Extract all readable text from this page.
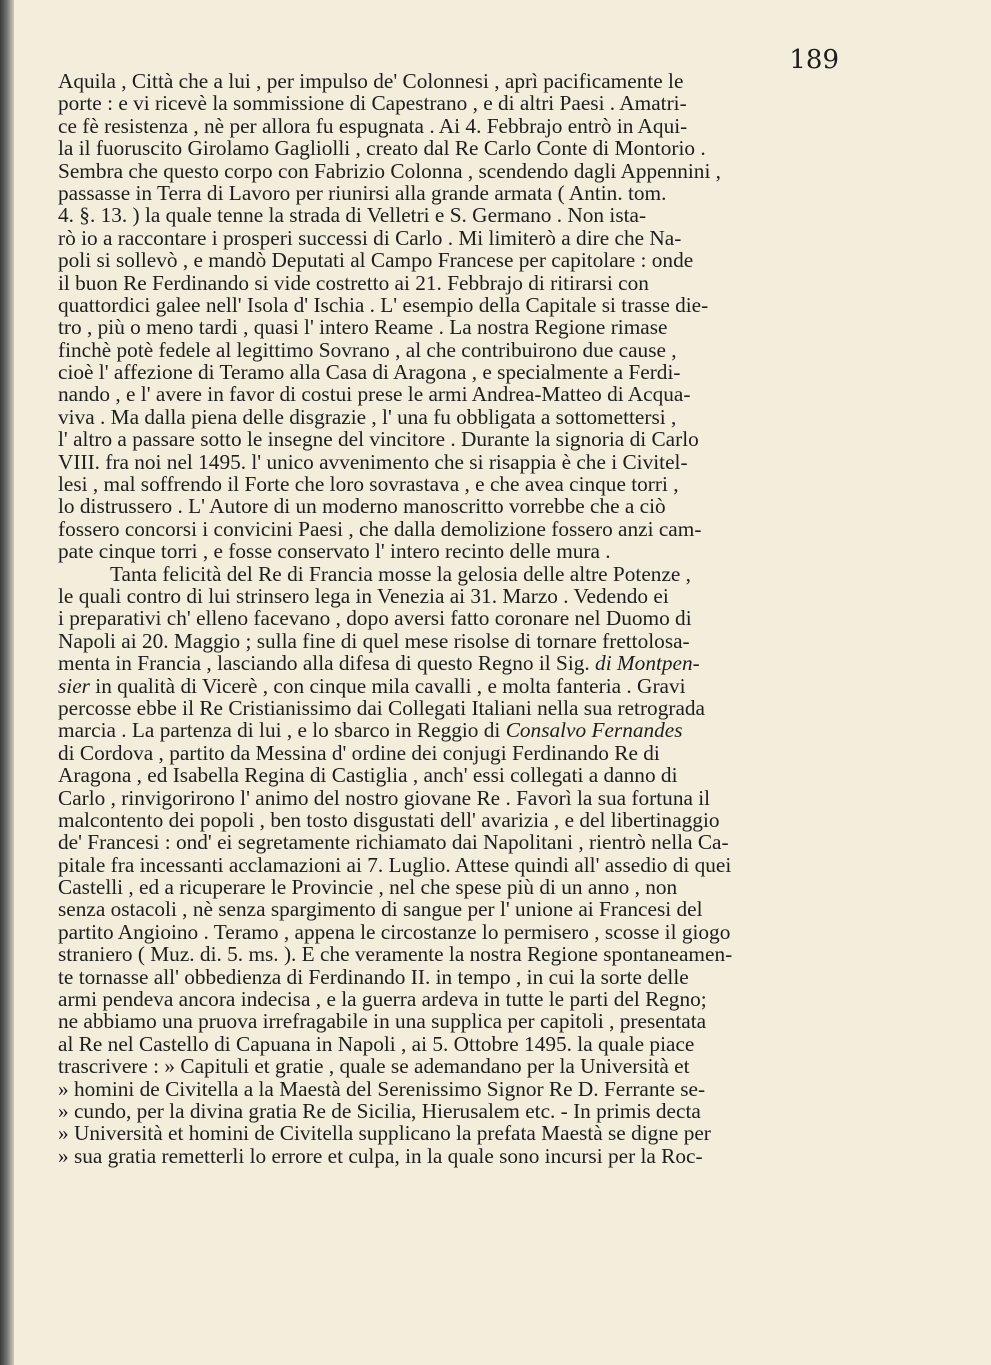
189
Aquila , Città che a lui , per impulso de' Colonnesi , aprì pacificamente le
porte : e vi ricevè la sommissione di Capestrano , e di altri Paesi . Amatri-
ce fè resistenza , nè per allora fu espugnata . Ai 4. Febbrajo entrò in Aqui-
la il fuoruscito Girolamo Gagliolli , creato dal Re Carlo Conte di Montorio .
Sembra che questo corpo con Fabrizio Colonna , scendendo dagli Appennini ,
passasse in Terra di Lavoro per riunirsi alla grande armata ( Antin. tom.
4. §. 13. ) la quale tenne la strada di Velletri e S. Germano . Non ista-
rò io a raccontare i prosperi successi di Carlo . Mi limiterò a dire che Na-
poli si sollevò , e mandò Deputati al Campo Francese per capitolare : onde
il buon Re Ferdinando si vide costretto ai 21. Febbrajo di ritirarsi con
quattordici galee nell' Isola d' Ischia . L' esempio della Capitale si trasse die-
tro , più o meno tardi , quasi l' intero Reame . La nostra Regione rimase
finchè potè fedele al legittimo Sovrano , al che contribuirono due cause ,
cioè l' affezione di Teramo alla Casa di Aragona , e specialmente a Ferdi-
nando , e l' avere in favor di costui prese le armi Andrea-Matteo di Acqua-
viva . Ma dalla piena delle disgrazie , l' una fu obbligata a sottomettersi ,
l' altro a passare sotto le insegne del vincitore . Durante la signoria di Carlo
VIII. fra noi nel 1495. l' unico avvenimento che si risappia è che i Civitel-
lesi , mal soffrendo il Forte che loro sovrastava , e che avea cinque torri ,
lo distrussero . L' Autore di un moderno manoscritto vorrebbe che a ciò
fossero concorsi i convicini Paesi , che dalla demolizione fossero anzi cam-
pate cinque torri , e fosse conservato l' intero recinto delle mura .
Tanta felicità del Re di Francia mosse la gelosia delle altre Potenze ,
le quali contro di lui strinsero lega in Venezia ai 31. Marzo . Vedendo ei
i preparativi ch' elleno facevano , dopo aversi fatto coronare nel Duomo di
Napoli ai 20. Maggio ; sulla fine di quel mese risolse di tornare frettolosa-
menta in Francia , lasciando alla difesa di questo Regno il Sig. di Montpen-
sier in qualità di Vicerè , con cinque mila cavalli , e molta fanteria . Gravi
percosse ebbe il Re Cristianissimo dai Collegati Italiani nella sua retrograda
marcia . La partenza di lui , e lo sbarco in Reggio di Consalvo Fernandes
di Cordova , partito da Messina d' ordine dei conjugi Ferdinando Re di
Aragona , ed Isabella Regina di Castiglia , anch' essi collegati a danno di
Carlo , rinvigorirono l' animo del nostro giovane Re . Favorì la sua fortuna il
malcontento dei popoli , ben tosto disgustati dell' avarizia , e del libertinaggio
de' Francesi : ond' ei segretamente richiamato dai Napolitani , rientrò nella Ca-
pitale fra incessanti acclamazioni ai 7. Luglio. Attese quindi all' assedio di quei
Castelli , ed a ricuperare le Provincie , nel che spese più di un anno , non
senza ostacoli , nè senza spargimento di sangue per l' unione ai Francesi del
partito Angioino . Teramo , appena le circostanze lo permisero , scosse il giogo
straniero ( Muz. di. 5. ms. ). E che veramente la nostra Regione spontaneamen-
te tornasse all' obbedienza di Ferdinando II. in tempo , in cui la sorte delle
armi pendeva ancora indecisa , e la guerra ardeva in tutte le parti del Regno;
ne abbiamo una pruova irrefragabile in una supplica per capitoli , presentata
al Re nel Castello di Capuana in Napoli , ai 5. Ottobre 1495. la quale piace
trascrivere : » Capituli et gratie , quale se ademandano per la Università et
» homini de Civitella a la Maestà del Serenissimo Signor Re D. Ferrante se-
» cundo, per la divina gratia Re de Sicilia, Hierusalem etc. - In primis decta
» Università et homini de Civitella supplicano la prefata Maestà se digne per
» sua gratia remetterli lo errore et culpa, in la quale sono incursi per la Roc-
